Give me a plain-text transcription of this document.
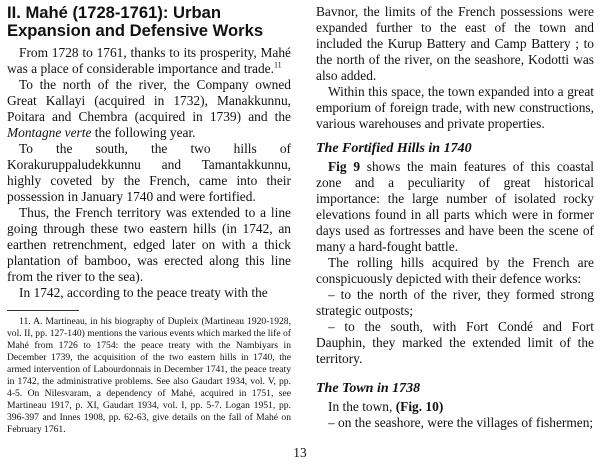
II. Mahé (1728-1761): Urban Expansion and Defensive Works

From 1728 to 1761, thanks to its prosperity, Mahé was a place of considerable importance and trade.$^{11}$

To the north of the river, the Company owned Great Kallayi (acquired in 1732), Manakkunnu, Poitara and Chembra (acquired in 1739) and the Montagne verte the following year.

To the south, the two hills of Korakuruppaludekkunnu and Tamantakkunnu, highly coveted by the French, came into their possession in January 1740 and were fortified.

Thus, the French territory was extended to a line going through these two eastern hills (in 1742, an earthen retrenchment, edged later on with a thick plantation of bamboo, was erected along this line from the river to the sea).

In 1742, according to the peace treaty with the

11. A. Martineau, in his biography of Dupleix (Martineau 1920-1928, vol. II, pp. 127-140) mentions the various events which marked the life of Mahé from 1726 to 1754: the peace treaty with the Nambiyars in December 1739, the acquisition of the two eastern hills in 1740, the armed intervention of Labourdonnais in December 1741, the peace treaty in 1742, the administrative problems. See also Gaudart 1934, vol. V, pp. 4-5. On Nilesvaram, a dependency of Mahé, acquired in 1751, see Martineau 1917, p. XI, Gaudart 1934, vol. I, pp. 5-7. Logan 1951, pp. 396-397 and Innes 1908, pp. 62-63, give details on the fall of Mahé on February 1761.

Bavnor, the limits of the French possessions were expanded further to the east of the town and included the Kurup Battery and Camp Battery ; to the north of the river, on the seashore, Kodotti was also added.

Within this space, the town expanded into a great emporium of foreign trade, with new constructions, various warehouses and private properties.

The Fortified Hills in 1740

Fig 9 shows the main features of this coastal zone and a peculiarity of great historical importance: the large number of isolated rocky elevations found in all parts which were in former days used as fortresses and have been the scene of many a hard-fought battle.

The rolling hills acquired by the French are conspicuously depicted with their defence works:

– to the north of the river, they formed strong strategic outposts;

– to the south, with Fort Condé and Fort Dauphin, they marked the extended limit of the territory.

The Town in 1738

In the town, (Fig. 10)

– on the seashore, were the villages of fishermen;

13
